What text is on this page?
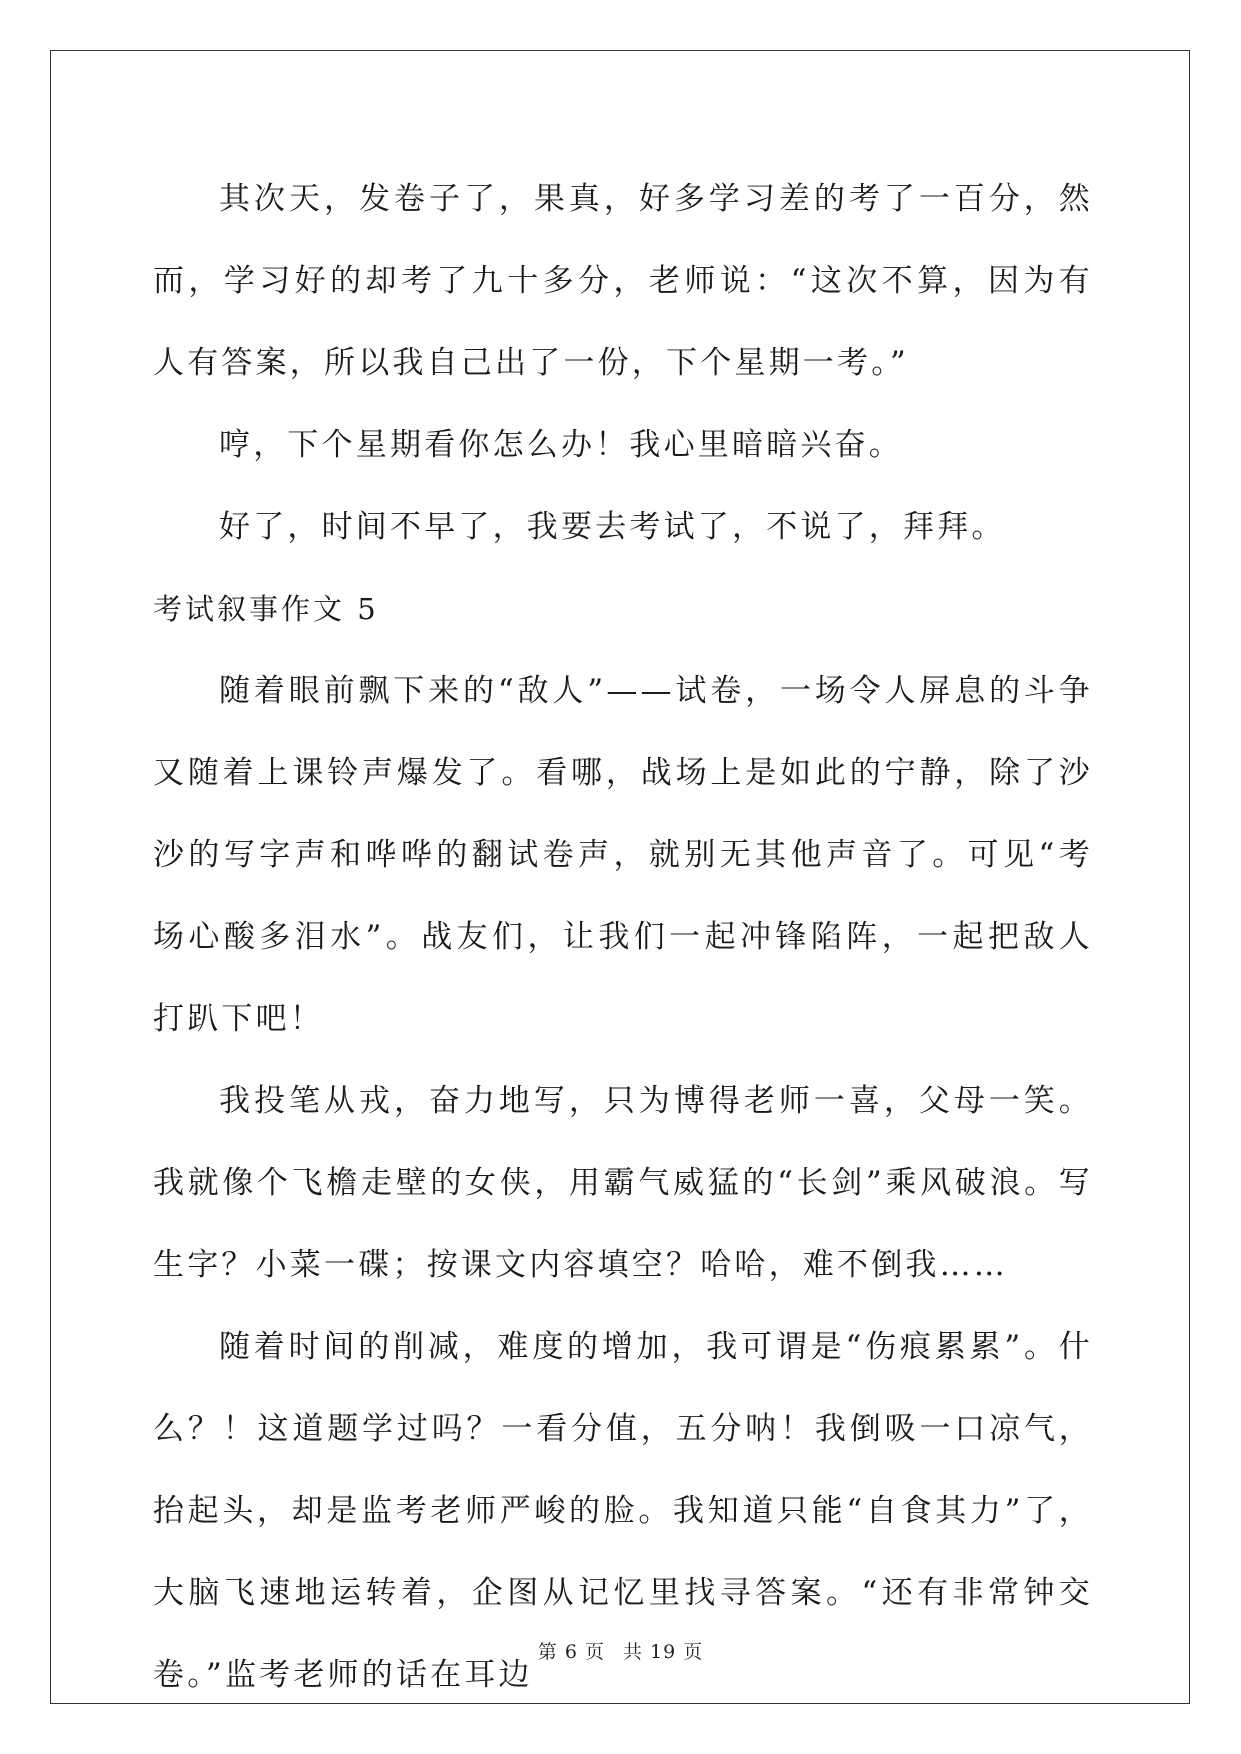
其次天，发卷子了，果真，好多学习差的考了一百分，然而，学习好的却考了九十多分，老师说：“这次不算，因为有人有答案，所以我自己出了一份，下个星期一考。”

哼，下个星期看你怎么办！我心里暗暗兴奋。

好了，时间不早了，我要去考试了，不说了，拜拜。

考试叙事作文 5

随着眼前飘下来的“敌人”——试卷，一场令人屏息的斗争又随着上课铃声爆发了。看哪，战场上是如此的宁静，除了沙沙的写字声和哗哗的翻试卷声，就别无其他声音了。可见“考场心酸多泪水”。战友们，让我们一起冲锋陷阵，一起把敌人打趴下吧！

我投笔从戎，奋力地写，只为博得老师一喜，父母一笑。我就像个飞檐走壁的女侠，用霸气威猛的“长剑”乘风破浪。写生字？小菜一碟；按课文内容填空？哈哈，难不倒我……

随着时间的削减，难度的增加，我可谓是“伤痕累累”。什么？！这道题学过吗？一看分值，五分呐！我倒吸一口凉气，抬起头，却是监考老师严峻的脸。我知道只能“自食其力”了，大脑飞速地运转着，企图从记忆里找寻答案。“还有非常钟交卷。”监考老师的话在耳边

第 6 页 共 19 页
